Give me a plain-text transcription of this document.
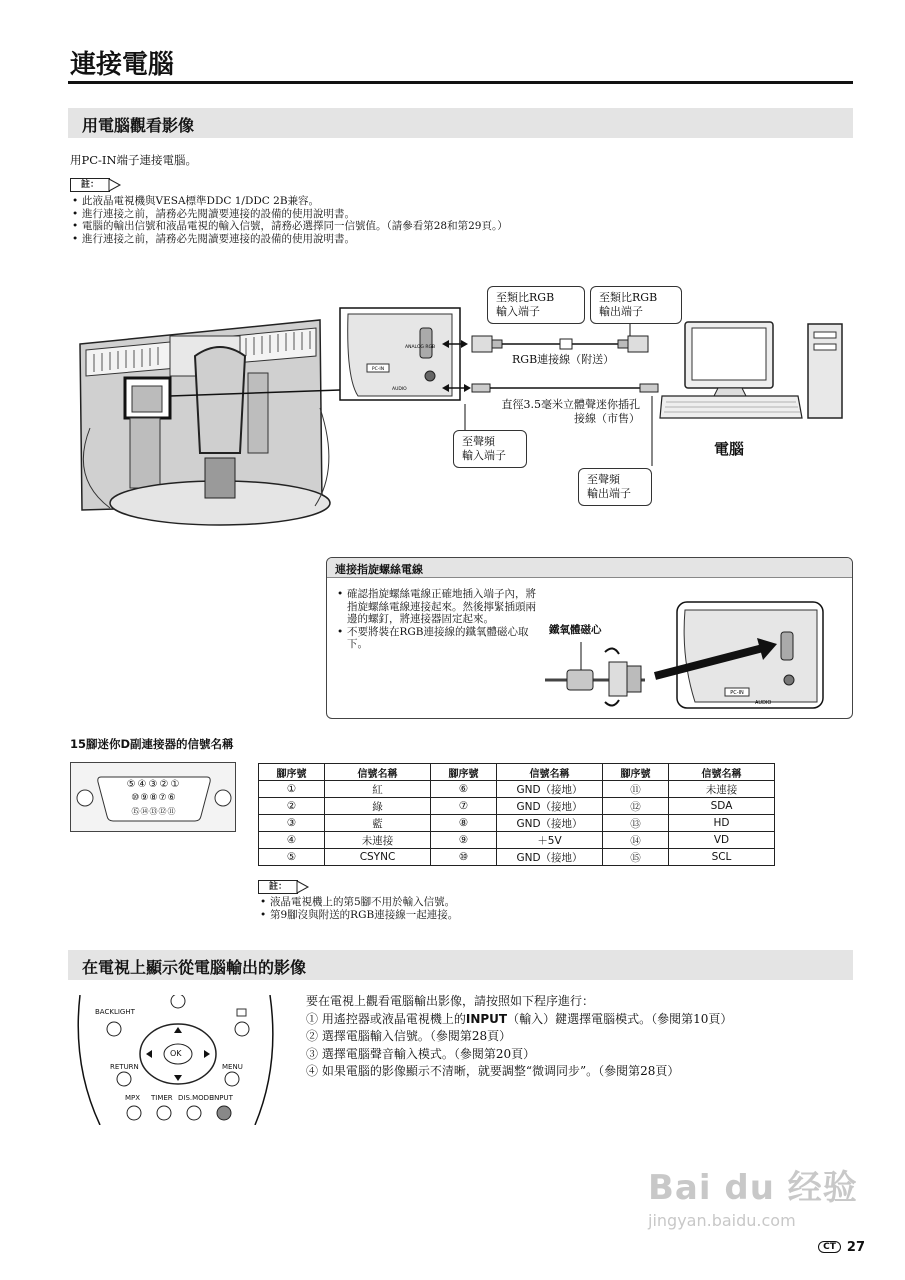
連接電腦
用電腦觀看影像
用PC-IN端子連接電腦。
註：
• 此液晶電視機與VESA標準DDC 1/DDC 2B兼容。
• 進行連接之前，請務必先閱讀要連接的設備的使用說明書。
• 電腦的輸出信號和液晶電視的輸入信號，請務必選擇同一信號值。（請參看第28和第29頁。）
• 進行連接之前，請務必先閱讀要連接的設備的使用說明書。
PC-IN
ANALOG RGB
AUDIO
至類比RGB
輸入端子
至類比RGB
輸出端子
RGB連接線（附送）
直徑3.5毫米立體聲迷你插孔
接線（市售）
至聲頻
輸入端子
至聲頻
輸出端子
電腦
連接指旋螺絲電線
• 確認指旋螺絲電線正確地插入端子內，將指旋螺絲電線連接起來。然後擰緊插頭兩邊的螺釘，將連接器固定起來。
• 不要將裝在RGB連接線的鐵氧體磁心取下。
鐵氧體磁心
PC-IN
AUDIO
15腳迷你D副連接器的信號名稱
⑤④③②①
⑩⑨⑧⑦⑥
⑮⑭⑬⑫⑪
腳序號	信號名稱	腳序號	信號名稱	腳序號	信號名稱
①	紅	⑥	GND（接地）	⑪	未連接
②	綠	⑦	GND（接地）	⑫	SDA
③	藍	⑧	GND（接地）	⑬	HD
④	未連接	⑨	＋5V	⑭	VD
⑤	CSYNC	⑩	GND（接地）	⑮	SCL
註：
• 液晶電視機上的第5腳不用於輸入信號。
• 第9腳沒與附送的RGB連接線一起連接。
在電視上顯示從電腦輸出的影像
BACKLIGHT
OK
RETURN	MENU
MPX TIMER DIS.MODE
INPUT
要在電視上觀看電腦輸出影像，請按照如下程序進行：
① 用遙控器或液晶電視機上的INPUT（輸入）鍵選擇電腦模式。（參閱第10頁）
② 選擇電腦輸入信號。（參閱第28頁）
③ 選擇電腦聲音輸入模式。（參閱第20頁）
④ 如果電腦的影像顯示不清晰，就要調整“微调同步”。（參閱第28頁）
Bai du 经验
jingyan.baidu.com
CT 27
